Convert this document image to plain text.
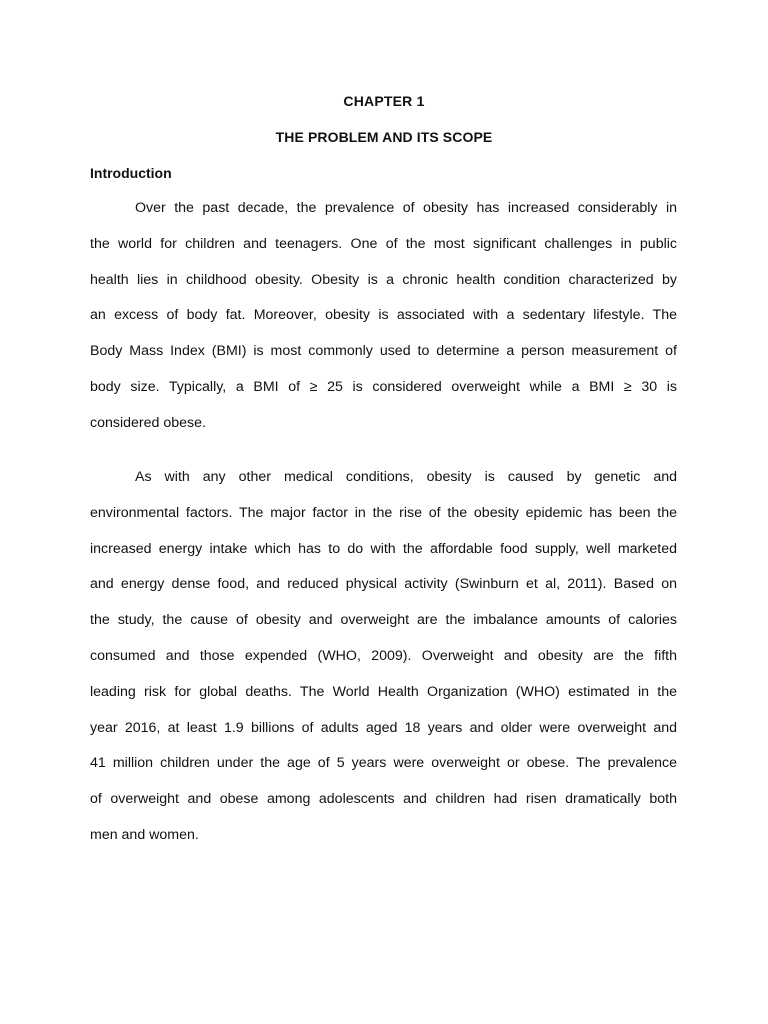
CHAPTER 1
THE PROBLEM AND ITS SCOPE
Introduction
Over the past decade, the prevalence of obesity has increased considerably in
the world for children and teenagers. One of the most significant challenges in public
health lies in childhood obesity. Obesity is a chronic health condition characterized by
an excess of body fat. Moreover, obesity is associated with a sedentary lifestyle. The
Body Mass Index (BMI) is most commonly used to determine a person measurement of
body size. Typically, a BMI of ≥ 25 is considered overweight while a BMI ≥ 30 is
considered obese.
As with any other medical conditions, obesity is caused by genetic and
environmental factors. The major factor in the rise of the obesity epidemic has been the
increased energy intake which has to do with the affordable food supply, well marketed
and energy dense food, and reduced physical activity (Swinburn et al, 2011). Based on
the study, the cause of obesity and overweight are the imbalance amounts of calories
consumed and those expended (WHO, 2009). Overweight and obesity are the fifth
leading risk for global deaths. The World Health Organization (WHO) estimated in the
year 2016, at least 1.9 billions of adults aged 18 years and older were overweight and
41 million children under the age of 5 years were overweight or obese. The prevalence
of overweight and obese among adolescents and children had risen dramatically both
men and women.
